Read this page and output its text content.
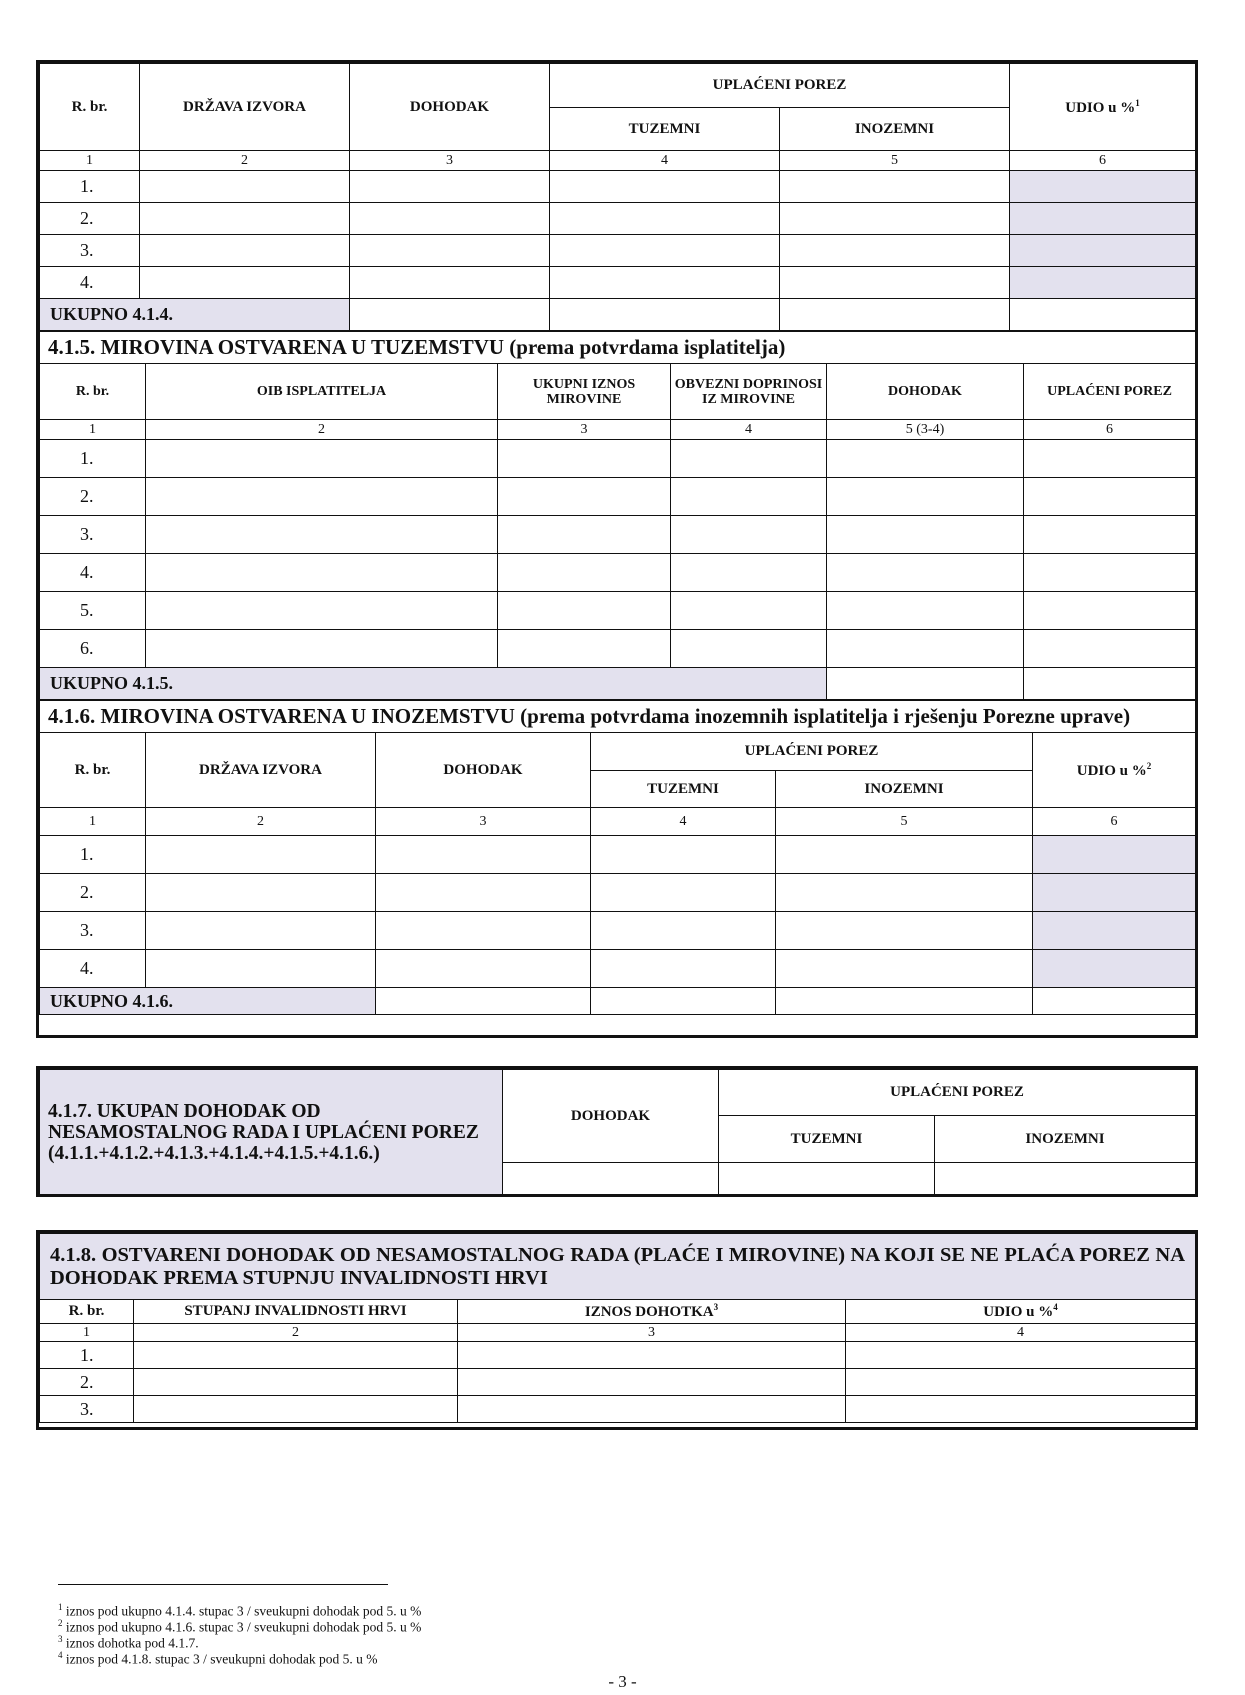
R. br.	DRŽAVA IZVORA	DOHODAK	UPLAĆENI POREZ		UDIO u %$^1$
			TUZEMNI	INOZEMNI	
1	2	3	4	5	6
1.					
2.					
3.					
4.					
UKUPNO 4.1.4.					
4.1.5. MIROVINA OSTVARENA U TUZEMSTVU (prema potvrdama isplatitelja)					
R. br.	OIB ISPLATITELJA	UKUPNI IZNOS MIROVINE	OBVEZNI DOPRINOSI IZ MIROVINE	DOHODAK	UPLAĆENI POREZ
1	2	3	4	5 (3-4)	6
1.					
2.					
3.					
4.					
5.					
6.					
UKUPNO 4.1.5.					
4.1.6. MIROVINA OSTVARENA U INOZEMSTVU (prema potvrdama inozemnih isplatitelja i rješenju Porezne uprave)					
R. br.	DRŽAVA IZVORA	DOHODAK	UPLAĆENI POREZ		UDIO u %$^2$
			TUZEMNI	INOZEMNI	
1	2	3	4	5	6
1.					
2.					
3.					
4.					
UKUPNO 4.1.6.					
4.1.7. UKUPAN DOHODAK OD NESAMOSTALNOG RADA I UPLAĆENI POREZ (4.1.1.+4.1.2.+4.1.3.+4.1.4.+4.1.5.+4.1.6.)	DOHODAK	UPLAĆENI POREZ	
		TUZEMNI	INOZEMNI

4.1.8. OSTVARENI DOHODAK OD NESAMOSTALNOG RADA (PLAĆE I MIROVINE) NA KOJI SE NE PLAĆA POREZ NA DOHODAK PREMA STUPNJU INVALIDNOSTI HRVI			
R. br.	STUPANJ INVALIDNOSTI HRVI	IZNOS DOHOTKA$^3$	UDIO u %$^4$
1	2	3	4
1.			
2.			
3.			
$^1$ iznos pod ukupno 4.1.4. stupac 3 / sveukupni dohodak pod 5. u %
$^2$ iznos pod ukupno 4.1.6. stupac 3 / sveukupni dohodak pod 5. u %
$^3$ iznos dohotka pod 4.1.7.
$^4$ iznos pod 4.1.8. stupac 3 / sveukupni dohodak pod 5. u %
- 3 -
